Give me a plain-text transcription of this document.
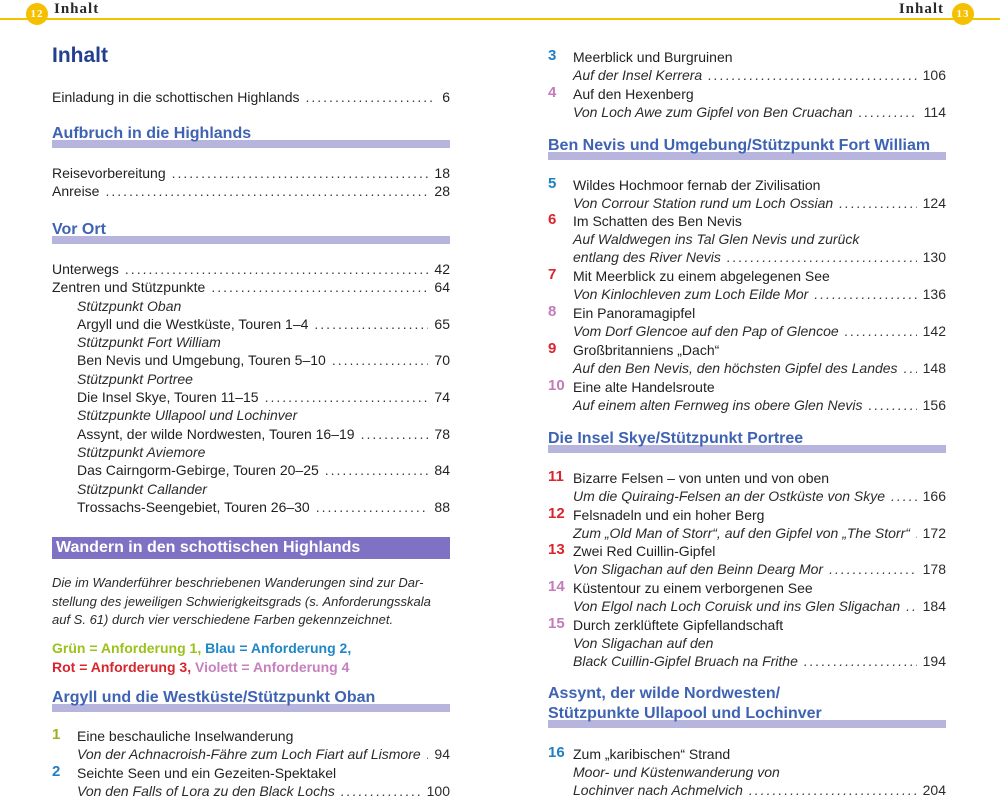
12 Inhalt
Inhalt
Einladung in die schottischen Highlands .....	6
Aufbruch in die Highlands
Reisevorbereitung .....	18
Anreise .....	28
Vor Ort
Unterwegs .....	42
Zentren und Stützpunkte .....	64
Stützpunkt Oban
Argyll und die Westküste, Touren 1–4 .....	65
Stützpunkt Fort William
Ben Nevis und Umgebung, Touren 5–10 .....	70
Stützpunkt Portree
Die Insel Skye, Touren 11–15 .....	74
Stützpunkte Ullapool und Lochinver
Assynt, der wilde Nordwesten, Touren 16–19 .....	78
Stützpunkt Aviemore
Das Cairngorm-Gebirge, Touren 20–25 .....	84
Stützpunkt Callander
Trossachs-Seengebiet, Touren 26–30 .....	88
Wandern in den schottischen Highlands
Die im Wanderführer beschriebenen Wanderungen sind zur Dar-
stellung des jeweiligen Schwierigkeitsgrads (s. Anforderungsskala
auf S. 61) durch vier verschiedene Farben gekennzeichnet.
Grün = Anforderung 1, Blau = Anforderung 2,
Rot = Anforderung 3, Violett = Anforderung 4
Argyll und die Westküste/Stützpunkt Oban
1	Eine beschauliche Inselwanderung
Von der Achnacroish-Fähre zum Loch Fiart auf Lismore ..... 94
2	Seichte Seen und ein Gezeiten-Spektakel
Von den Falls of Lora zu den Black Lochs .....	100
Inhalt	13
3	Meerblick und Burgruinen
Auf der Insel Kerrera .....	106
4	Auf den Hexenberg
Von Loch Awe zum Gipfel von Ben Cruachan .....	114
Ben Nevis und Umgebung/Stützpunkt Fort William
5	Wildes Hochmoor fernab der Zivilisation
Von Corrour Station rund um Loch Ossian .....	124
6	Im Schatten des Ben Nevis
Auf Waldwegen ins Tal Glen Nevis und zurück
entlang des River Nevis .....	130
7	Mit Meerblick zu einem abgelegenen See
Von Kinlochleven zum Loch Eilde Mor .....	136
8	Ein Panoramagipfel
Vom Dorf Glencoe auf den Pap of Glencoe .....	142
9	Großbritanniens „Dach“
Auf den Ben Nevis, den höchsten Gipfel des Landes ..... 148
10 Eine alte Handelsroute
Auf einem alten Fernweg ins obere Glen Nevis .....	156
Die Insel Skye/Stützpunkt Portree
11 Bizarre Felsen – von unten und von oben
Um die Quiraing-Felsen an der Ostküste von Skye .....	166
12 Felsnadeln und ein hoher Berg
Zum „Old Man of Storr“, auf den Gipfel von „The Storr“ ..... 172
13 Zwei Red Cuillin-Gipfel
Von Sligachan auf den Beinn Dearg Mor .....	178
14 Küstentour zu einem verborgenen See
Von Elgol nach Loch Coruisk und ins Glen Sligachan ..... 184
15 Durch zerklüftete Gipfellandschaft
Von Sligachan auf den
Black Cuillin-Gipfel Bruach na Frithe .....	194
Assynt, der wilde Nordwesten/
Stützpunkte Ullapool und Lochinver
16 Zum „karibischen“ Strand
Moor- und Küstenwanderung von
Lochinver nach Achmelvich .....	204
